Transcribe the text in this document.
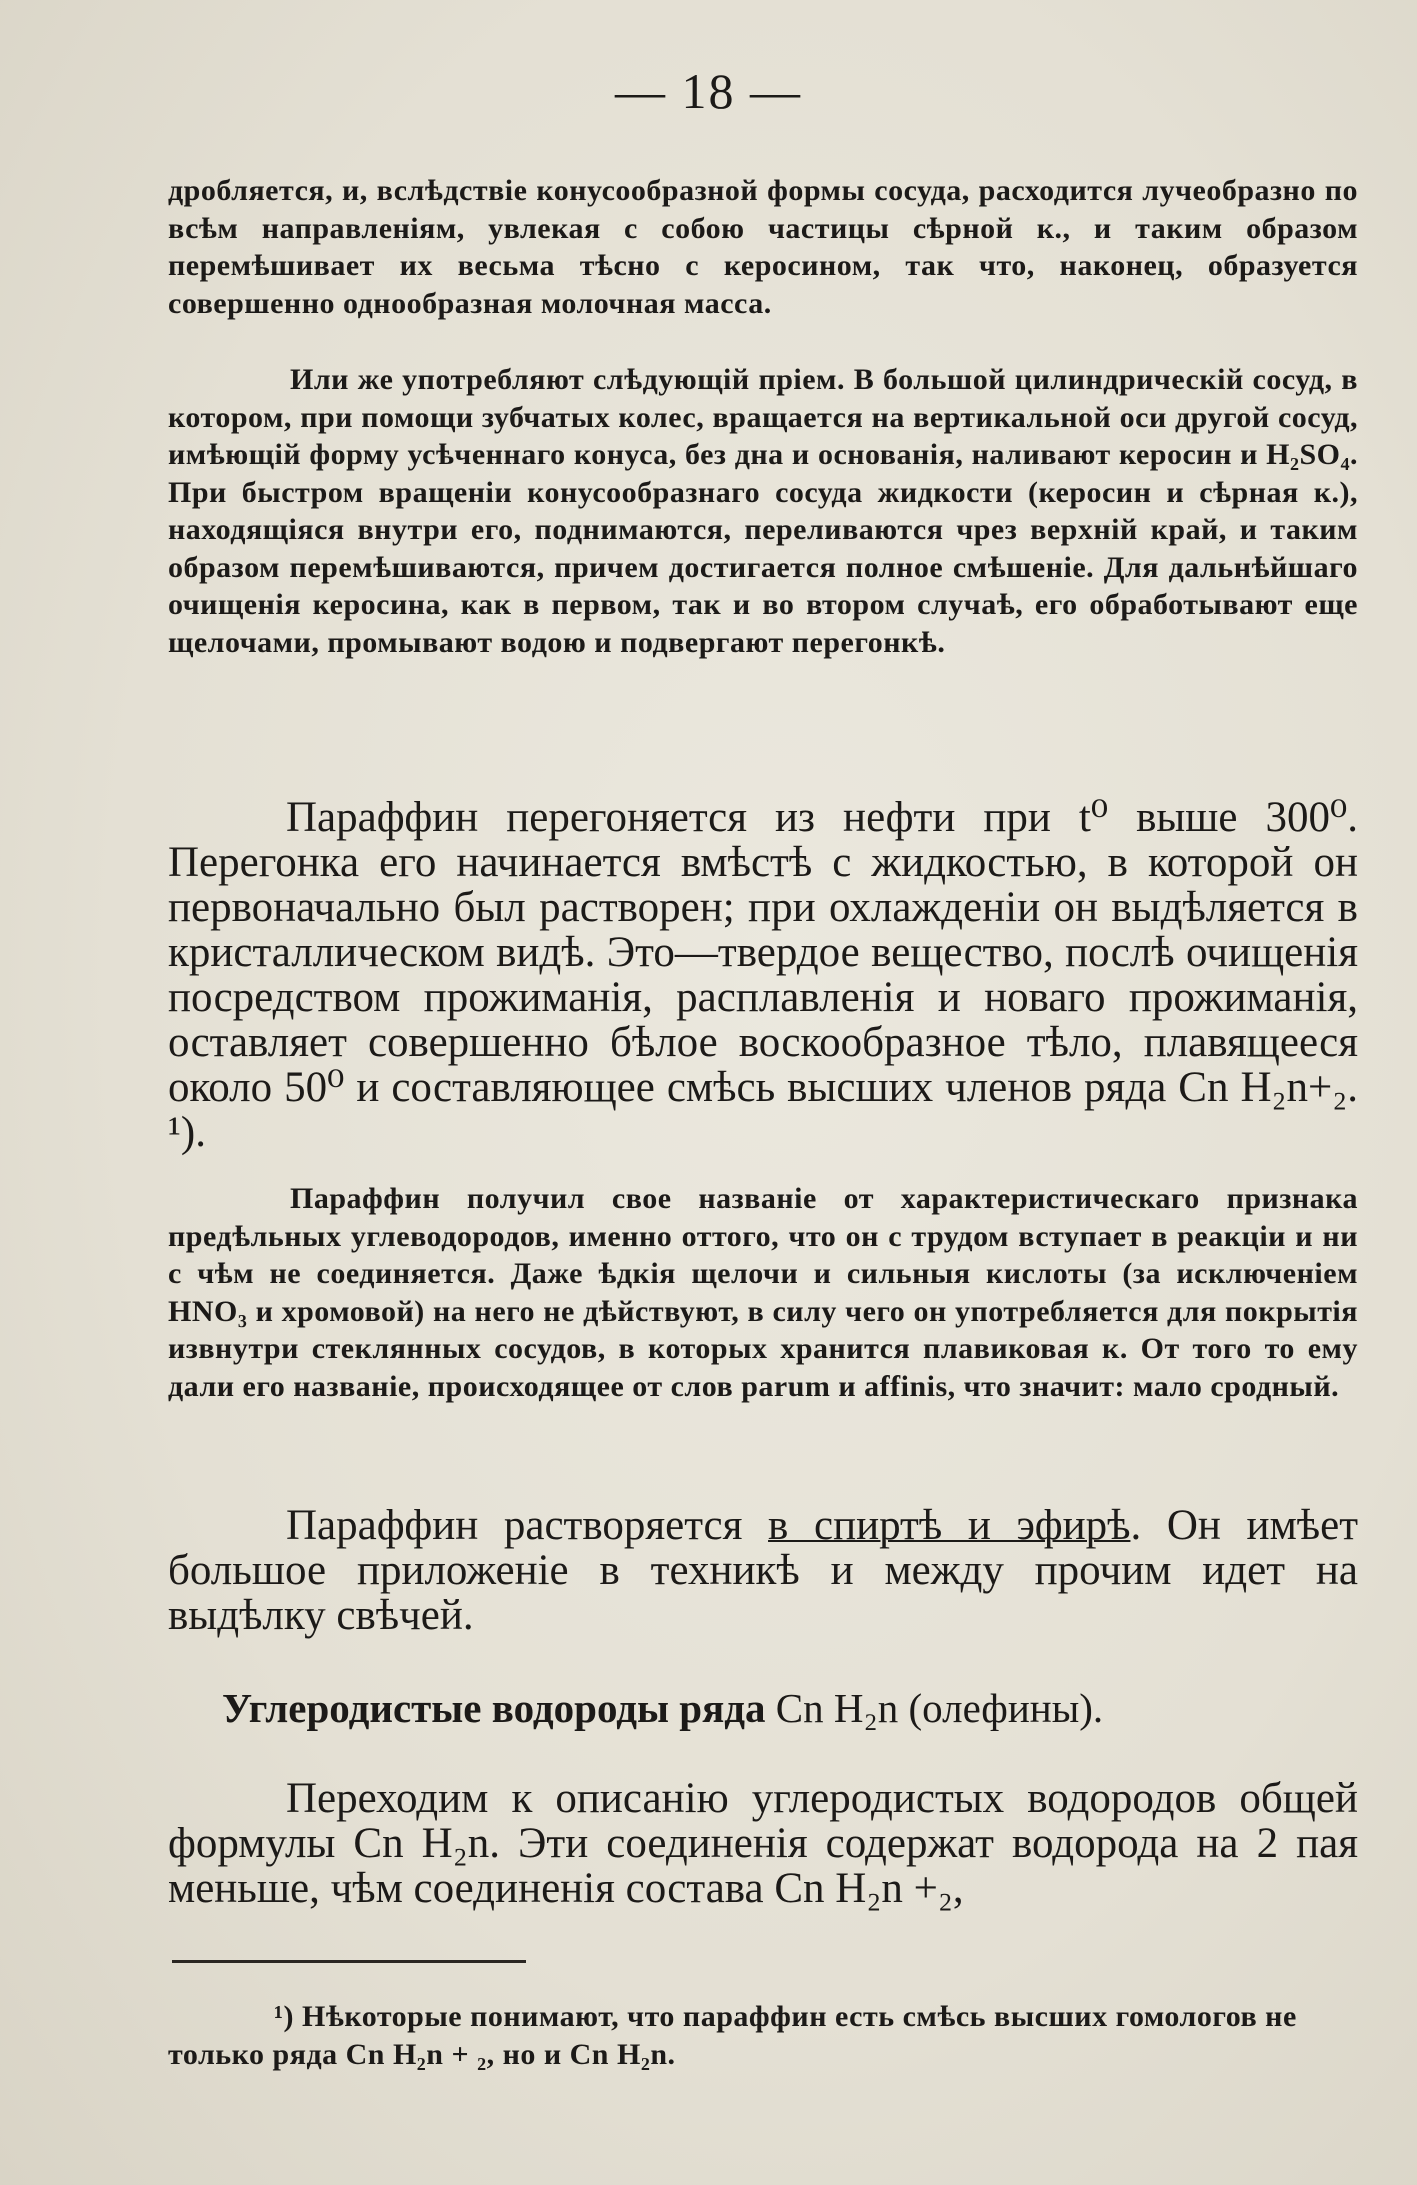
— 18 —
дробляется, и, вслѣдствіе конусообразной формы сосуда, расходится лучеобразно по всѣм направленіям, увлекая с собою частицы сѣрной к., и таким образом перемѣшивает их весьма тѣсно с керосином, так что, наконец, образуется совершенно однообразная молочная масса.
Или же употребляют слѣдующій пріем. В большой цилиндрическій сосуд, в котором, при помощи зубчатых колес, вращается на вертикальной оси другой сосуд, имѣющій форму усѣченнаго конуса, без дна и основанія, наливают керосин и H₂SO₄. При быстром вращеніи конусообразнаго сосуда жидкости (керосин и сѣрная к.), находящіяся внутри его, поднимаются, переливаются чрез верхній край, и таким образом перемѣшиваются, причем достигается полное смѣшеніе. Для дальнѣйшаго очищенія керосина, как в первом, так и во втором случаѣ, его обработывают еще щелочами, промывают водою и подвергают перегонкѣ.
Параффин перегоняется из нефти при t⁰ выше 300⁰. Перегонка его начинается вмѣстѣ с жидкостью, в которой он первоначально был растворен; при охлажденіи он выдѣляется в кристаллическом видѣ. Это—твердое вещество, послѣ очищенія посредством прожиманія, расплавленія и новаго прожиманія, оставляет совершенно бѣлое воскообразное тѣло, плавящееся около 50⁰ и составляющее смѣсь высших членов ряда Cn H₂n+₂. ¹).
Параффин получил свое названіе от характеристическаго признака предѣльных углеводородов, именно оттого, что он с трудом вступает в реакціи и ни с чѣм не соединяется. Даже ѣдкія щелочи и сильныя кислоты (за исключеніем HNO₃ и хромовой) на него не дѣйствуют, в силу чего он употребляется для покрытія извнутри стеклянных сосудов, в которых хранится плавиковая к. От того то ему дали его названіе, происходящее от слов parum и affinis, что значит: мало сродный.
Параффин растворяется в спиртѣ и эфирѣ. Он имѣет большое приложеніе в техникѣ и между прочим идет на выдѣлку свѣчей.
Углеродистые водороды ряда Cn H₂n (олефины).
Переходим к описанію углеродистых водородов общей формулы Cn H₂n. Эти соединенія содержат водорода на 2 пая меньше, чѣм соединенія состава Cn H₂n +₂,
¹) Нѣкоторые понимают, что параффин есть смѣсь высших гомологов не только ряда Cn H₂n + ₂, но и Cn H₂n.
